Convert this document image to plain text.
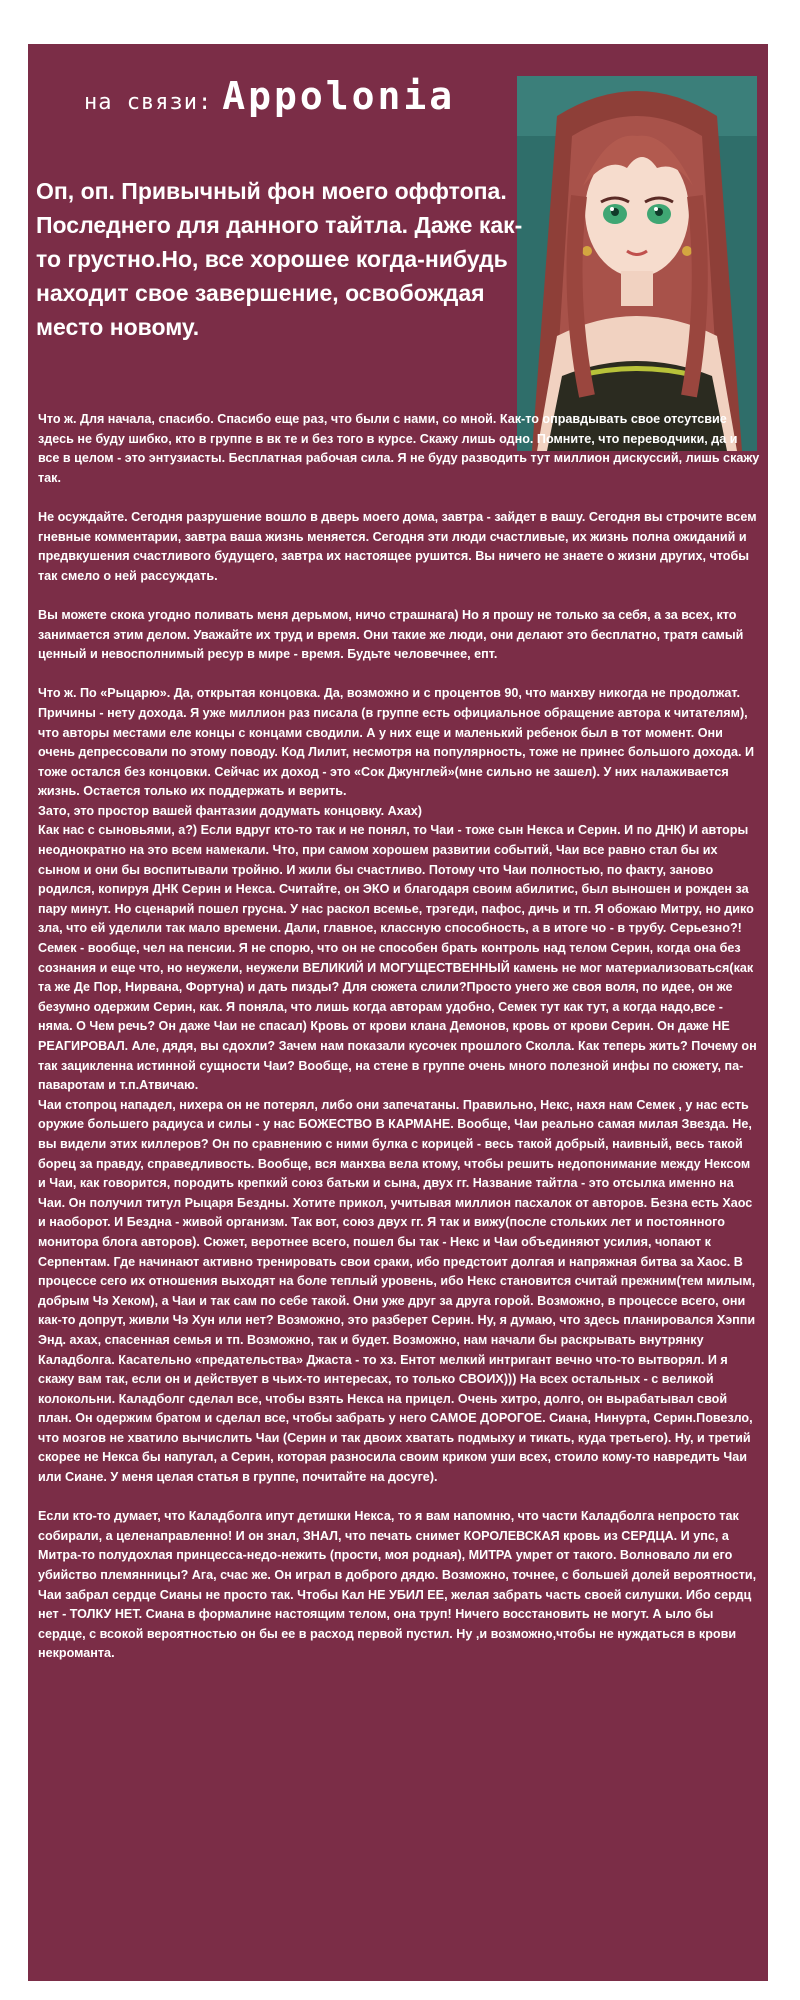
на связи: Appolonia

Оп, оп. Привычный фон моего оффтопа. Последнего для данного тайтла. Даже как-то грустно.Но, все хорошее когда-нибудь находит свое завершение, освобождая место новому.

Что ж. Для начала, спасибо. Спасибо еще раз, что были с нами, со мной. Как-то оправдывать свое отсутсвие здесь не буду шибко, кто в группе в вк те и без того в курсе. Скажу лишь одно. Помните, что переводчики, да и все в целом - это энтузиасты. Бесплатная рабочая сила. Я не буду разводить тут миллион дискуссий, лишь скажу так.

Не осуждайте. Сегодня разрушение вошло в дверь моего дома, завтра - зайдет в вашу. Сегодня вы строчите всем гневные комментарии, завтра ваша жизнь меняется. Сегодня эти люди счастливые, их жизнь полна ожиданий и предвкушения счастливого будущего, завтра их настоящее рушится. Вы ничего не знаете о жизни других, чтобы так смело о ней рассуждать.

Вы можете скока угодно поливать меня дерьмом, ничо страшнага) Но я прошу не только за себя, а за всех, кто занимается этим делом. Уважайте их труд и время. Они такие же люди, они делают это бесплатно, тратя самый ценный и невосполнимый ресур в мире - время. Будьте человечнее, епт.

Что ж. По «Рыцарю». Да, открытая концовка. Да, возможно и с процентов 90, что манхву никогда не продолжат. Причины - нету дохода. Я уже миллион раз писала (в группе есть официальное обращение автора к читателям), что авторы местами еле концы с концами сводили. А у них еще и маленький ребенок был в тот момент. Они очень депрессовали по этому поводу. Код Лилит, несмотря на популярность, тоже не принес большого дохода. И тоже остался без концовки. Сейчас их доход - это «Сок Джунглей»(мне сильно не зашел). У них налаживается жизнь. Остается только их поддержать и верить.

Зато, это простор вашей фантазии додумать концовку. Ахах)

Как нас с сыновьями, а?) Если вдруг кто-то так и не понял, то Чаи - тоже сын Некса и Серин. И по ДНК) И авторы неоднократно на это всем намекали. Что, при самом хорошем развитии событий, Чаи все равно стал бы их сыном и они бы воспитывали тройню. И жили бы счастливо. Потому что Чаи полностью, по факту, заново родился, копируя ДНК Серин и Некса. Считайте, он ЭКО и благодаря своим абилитис, был выношен и рожден за пару минут. Но сценарий пошел грусна. У нас раскол всемье, трэгеди, пафос, дичь и тп. Я обожаю Митру, но дико зла, что ей уделили так мало времени. Дали, главное, классную способность, а в итоге чо - в трубу. Серьезно?! Семек - вообще, чел на пенсии. Я не спорю, что он не способен брать контроль над телом Серин, когда она без сознания и еще что, но неужели, неужели ВЕЛИКИЙ И МОГУЩЕСТВЕННЫЙ камень не мог материализоваться(как та же Де Пор, Нирвана, Фортуна) и дать пизды? Для сюжета слили?Просто унего же своя воля, по идее, он же безумно одержим Серин, как. Я поняла, что лишь когда авторам удобно, Семек тут как тут, а когда надо,все - няма. О Чем речь? Он даже Чаи не спасал) Кровь от крови клана Демонов, кровь от крови Серин. Он даже НЕ РЕАГИРОВАЛ. Але, дядя, вы сдохли? Зачем нам показали кусочек прошлого Сколла. Как теперь жить? Почему он так зацикленна истинной сущности Чаи? Вообще, на стене в группе очень много полезной инфы по сюжету, па-паваротам и т.п.Атвичаю.

Чаи стопроц нападел, нихера он не потерял, либо они запечатаны. Правильно, Некс, нахя нам Семек , у нас есть оружие большего радиуса и силы - у нас БОЖЕСТВО В КАРМАНЕ. Вообще, Чаи реально самая милая Звезда. Не, вы видели этих киллеров? Он по сравнению с ними булка с корицей - весь такой добрый, наивный, весь такой борец за правду, справедливость. Вообще, вся манхва вела ктому, чтобы решить недопонимание между Нексом и Чаи, как говорится, породить крепкий союз батьки и сына, двух гг. Название тайтла - это отсылка именно на Чаи. Он получил титул Рыцаря Бездны. Хотите прикол, учитывая миллион пасхалок от авторов. Безна есть Хаос и наоборот. И Бездна - живой организм. Так вот, союз двух гг. Я так и вижу(после стольких лет и постоянного монитора блога авторов). Сюжет, веротнее всего, пошел бы так - Некс и Чаи объединяют усилия, чопают к Серпентам. Где начинают активно тренировать свои сраки, ибо предстоит долгая и напряжная битва за Хаос. В процессе сего их отношения выходят на боле теплый уровень, ибо Некс становится считай прежним(тем милым, добрым Чэ Хеком), а Чаи и так сам по себе такой. Они уже друг за друга горой. Возможно, в процессе всего, они как-то допрут, живли Чэ Хун или нет? Возможно, это разберет Серин. Ну, я думаю, что здесь планировался Хэппи Энд. ахах, спасенная семья и тп. Возможно, так и будет. Возможно, нам начали бы раскрывать внутрянку Каладболга. Касательно «предательства» Джаста - то хз. Ентот мелкий интригант вечно что-то вытворял. И я скажу вам так, если он и действует в чьих-то интересах, то только СВОИХ))) На всех остальных - с великой колокольни. Каладболг сделал все, чтобы взять Некса на прицел. Очень хитро, долго, он вырабатывал свой план. Он одержим братом и сделал все, чтобы забрать у него САМОЕ ДОРОГОЕ. Сиана, Нинурта, Серин.Повезло, что мозгов не хватило вычислить Чаи (Серин и так двоих хватать подмыху и тикать, куда третьего). Ну, и третий скорее не Некса бы напугал, а Серин, которая разносила своим криком уши всех, стоило кому-то навредить Чаи или Сиане. У меня целая статья в группе, почитайте на досуге).

Если кто-то думает, что Каладболга ипут детишки Некса, то я вам напомню, что части Каладболга непросто так собирали, а целенаправленно! И он знал, ЗНАЛ, что печать снимет КОРОЛЕВСКАЯ кровь из СЕРДЦА. И упс, а Митра-то полудохлая принцесса-недо-нежить (прости, моя родная), МИТРА умрет от такого. Волновало ли его убийство племянницы? Ага, счас же. Он играл в доброго дядю. Возможно, точнее, с большей долей вероятности, Чаи забрал сердце Сианы не просто так. Чтобы Кал НЕ УБИЛ ЕЕ, желая забрать часть своей силушки. Ибо сердц нет - ТОЛКУ НЕТ. Сиана в формалине настоящим телом, она труп! Ничего восстановить не могут. А ыло бы сердце, с всокой вероятностью он бы ее в расход первой пустил. Ну ,и возможно,чтобы не нуждаться в крови некроманта.
